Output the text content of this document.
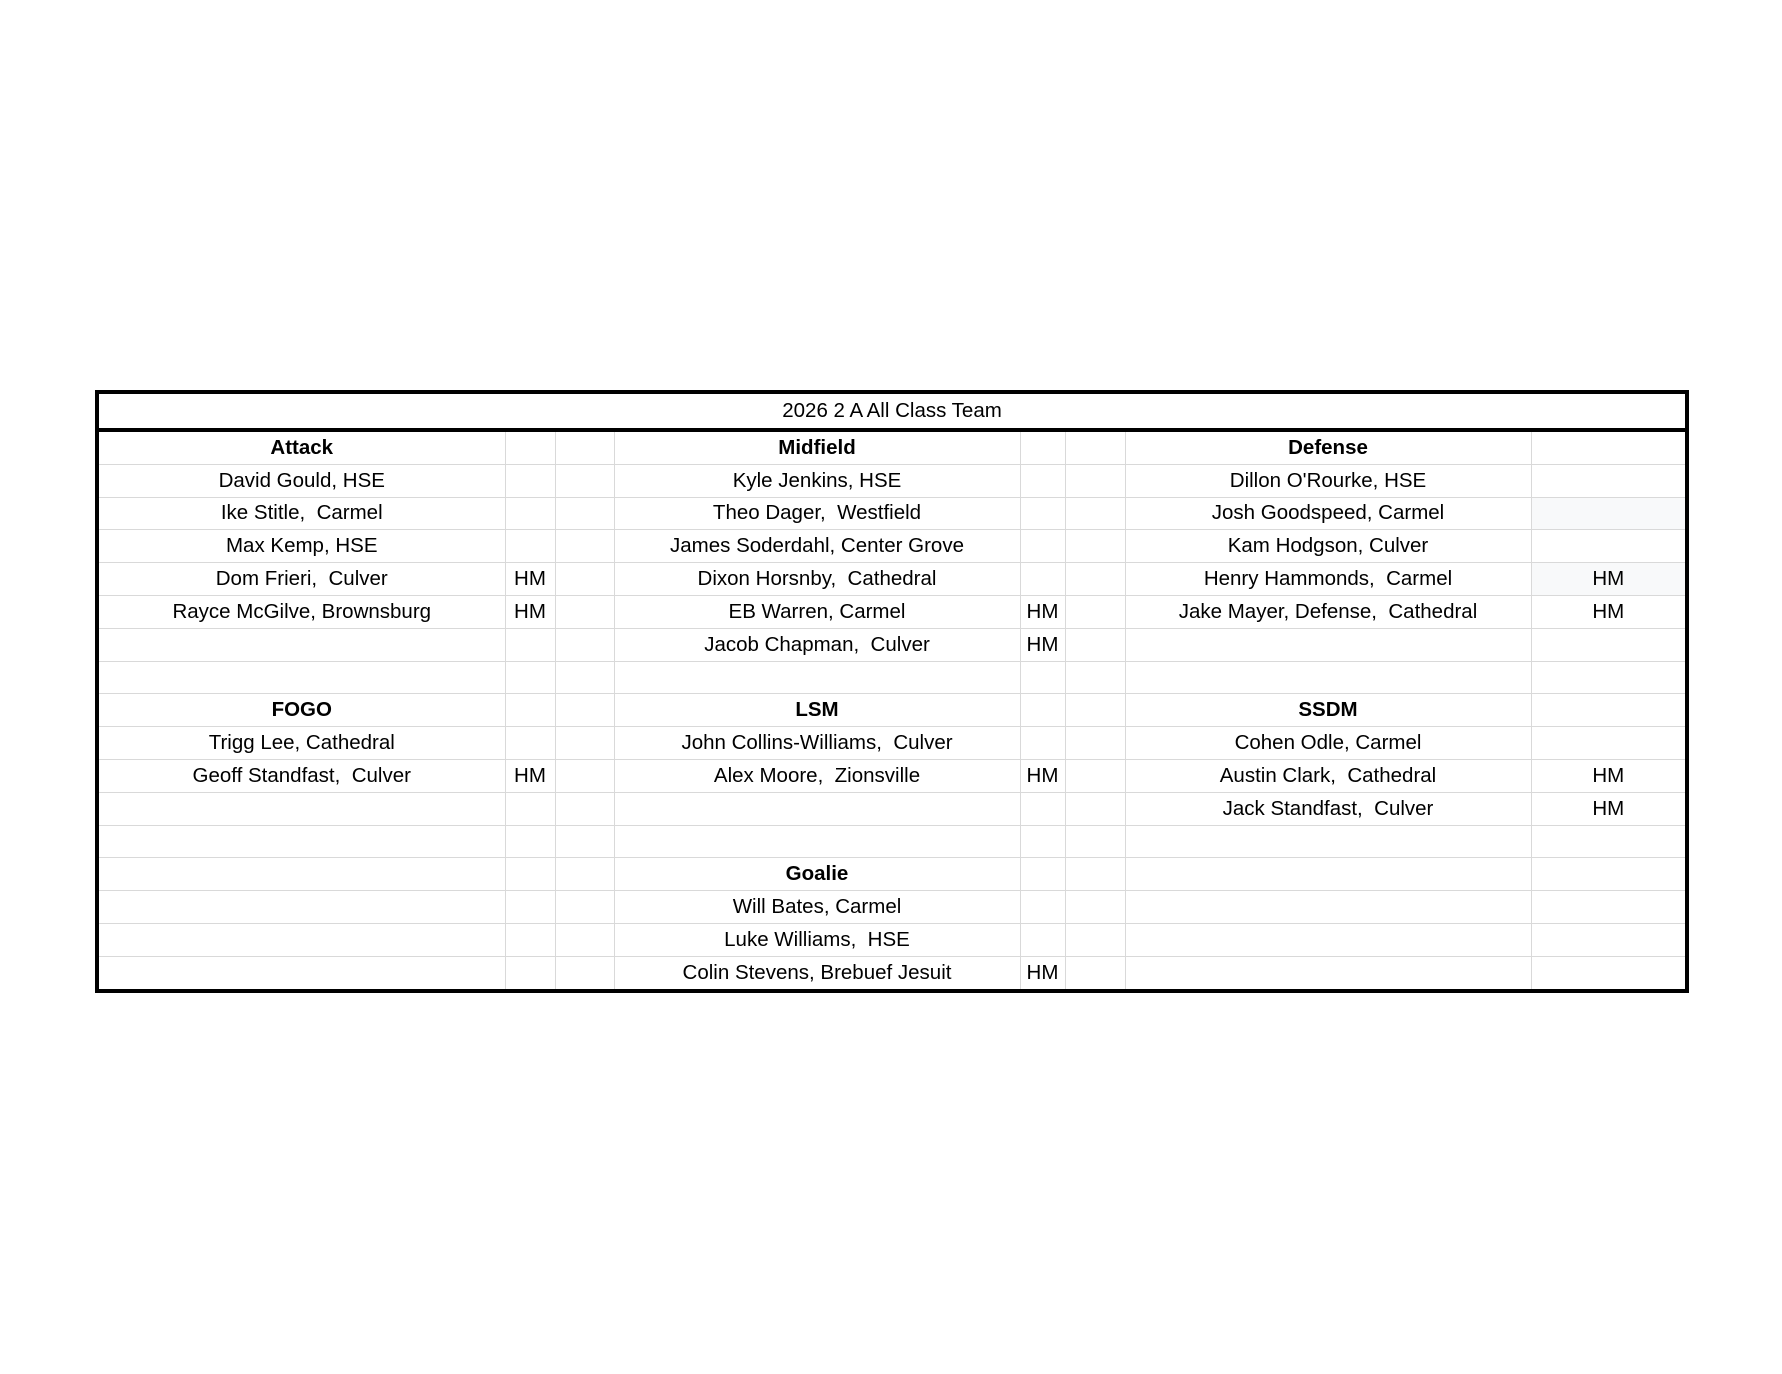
2026 2 A All Class Team							
Attack			Midfield			Defense	
David Gould, HSE			Kyle Jenkins, HSE			Dillon O'Rourke, HSE	
Ike Stitle,  Carmel			Theo Dager,  Westfield			Josh Goodspeed, Carmel	
Max Kemp, HSE			James Soderdahl, Center Grove			Kam Hodgson, Culver	
Dom Frieri,  Culver	HM		Dixon Horsnby,  Cathedral			Henry Hammonds,  Carmel	HM
Rayce McGilve, Brownsburg	HM		EB Warren, Carmel	HM		Jake Mayer, Defense,  Cathedral	HM
			Jacob Chapman,  Culver	HM			

FOGO			LSM			SSDM	
Trigg Lee, Cathedral			John Collins-Williams,  Culver			Cohen Odle, Carmel	
Geoff Standfast,  Culver	HM		Alex Moore,  Zionsville	HM		Austin Clark,  Cathedral	HM
						Jack Standfast,  Culver	HM

			Goalie				
			Will Bates, Carmel				
			Luke Williams,  HSE				
			Colin Stevens, Brebuef Jesuit	HM			
